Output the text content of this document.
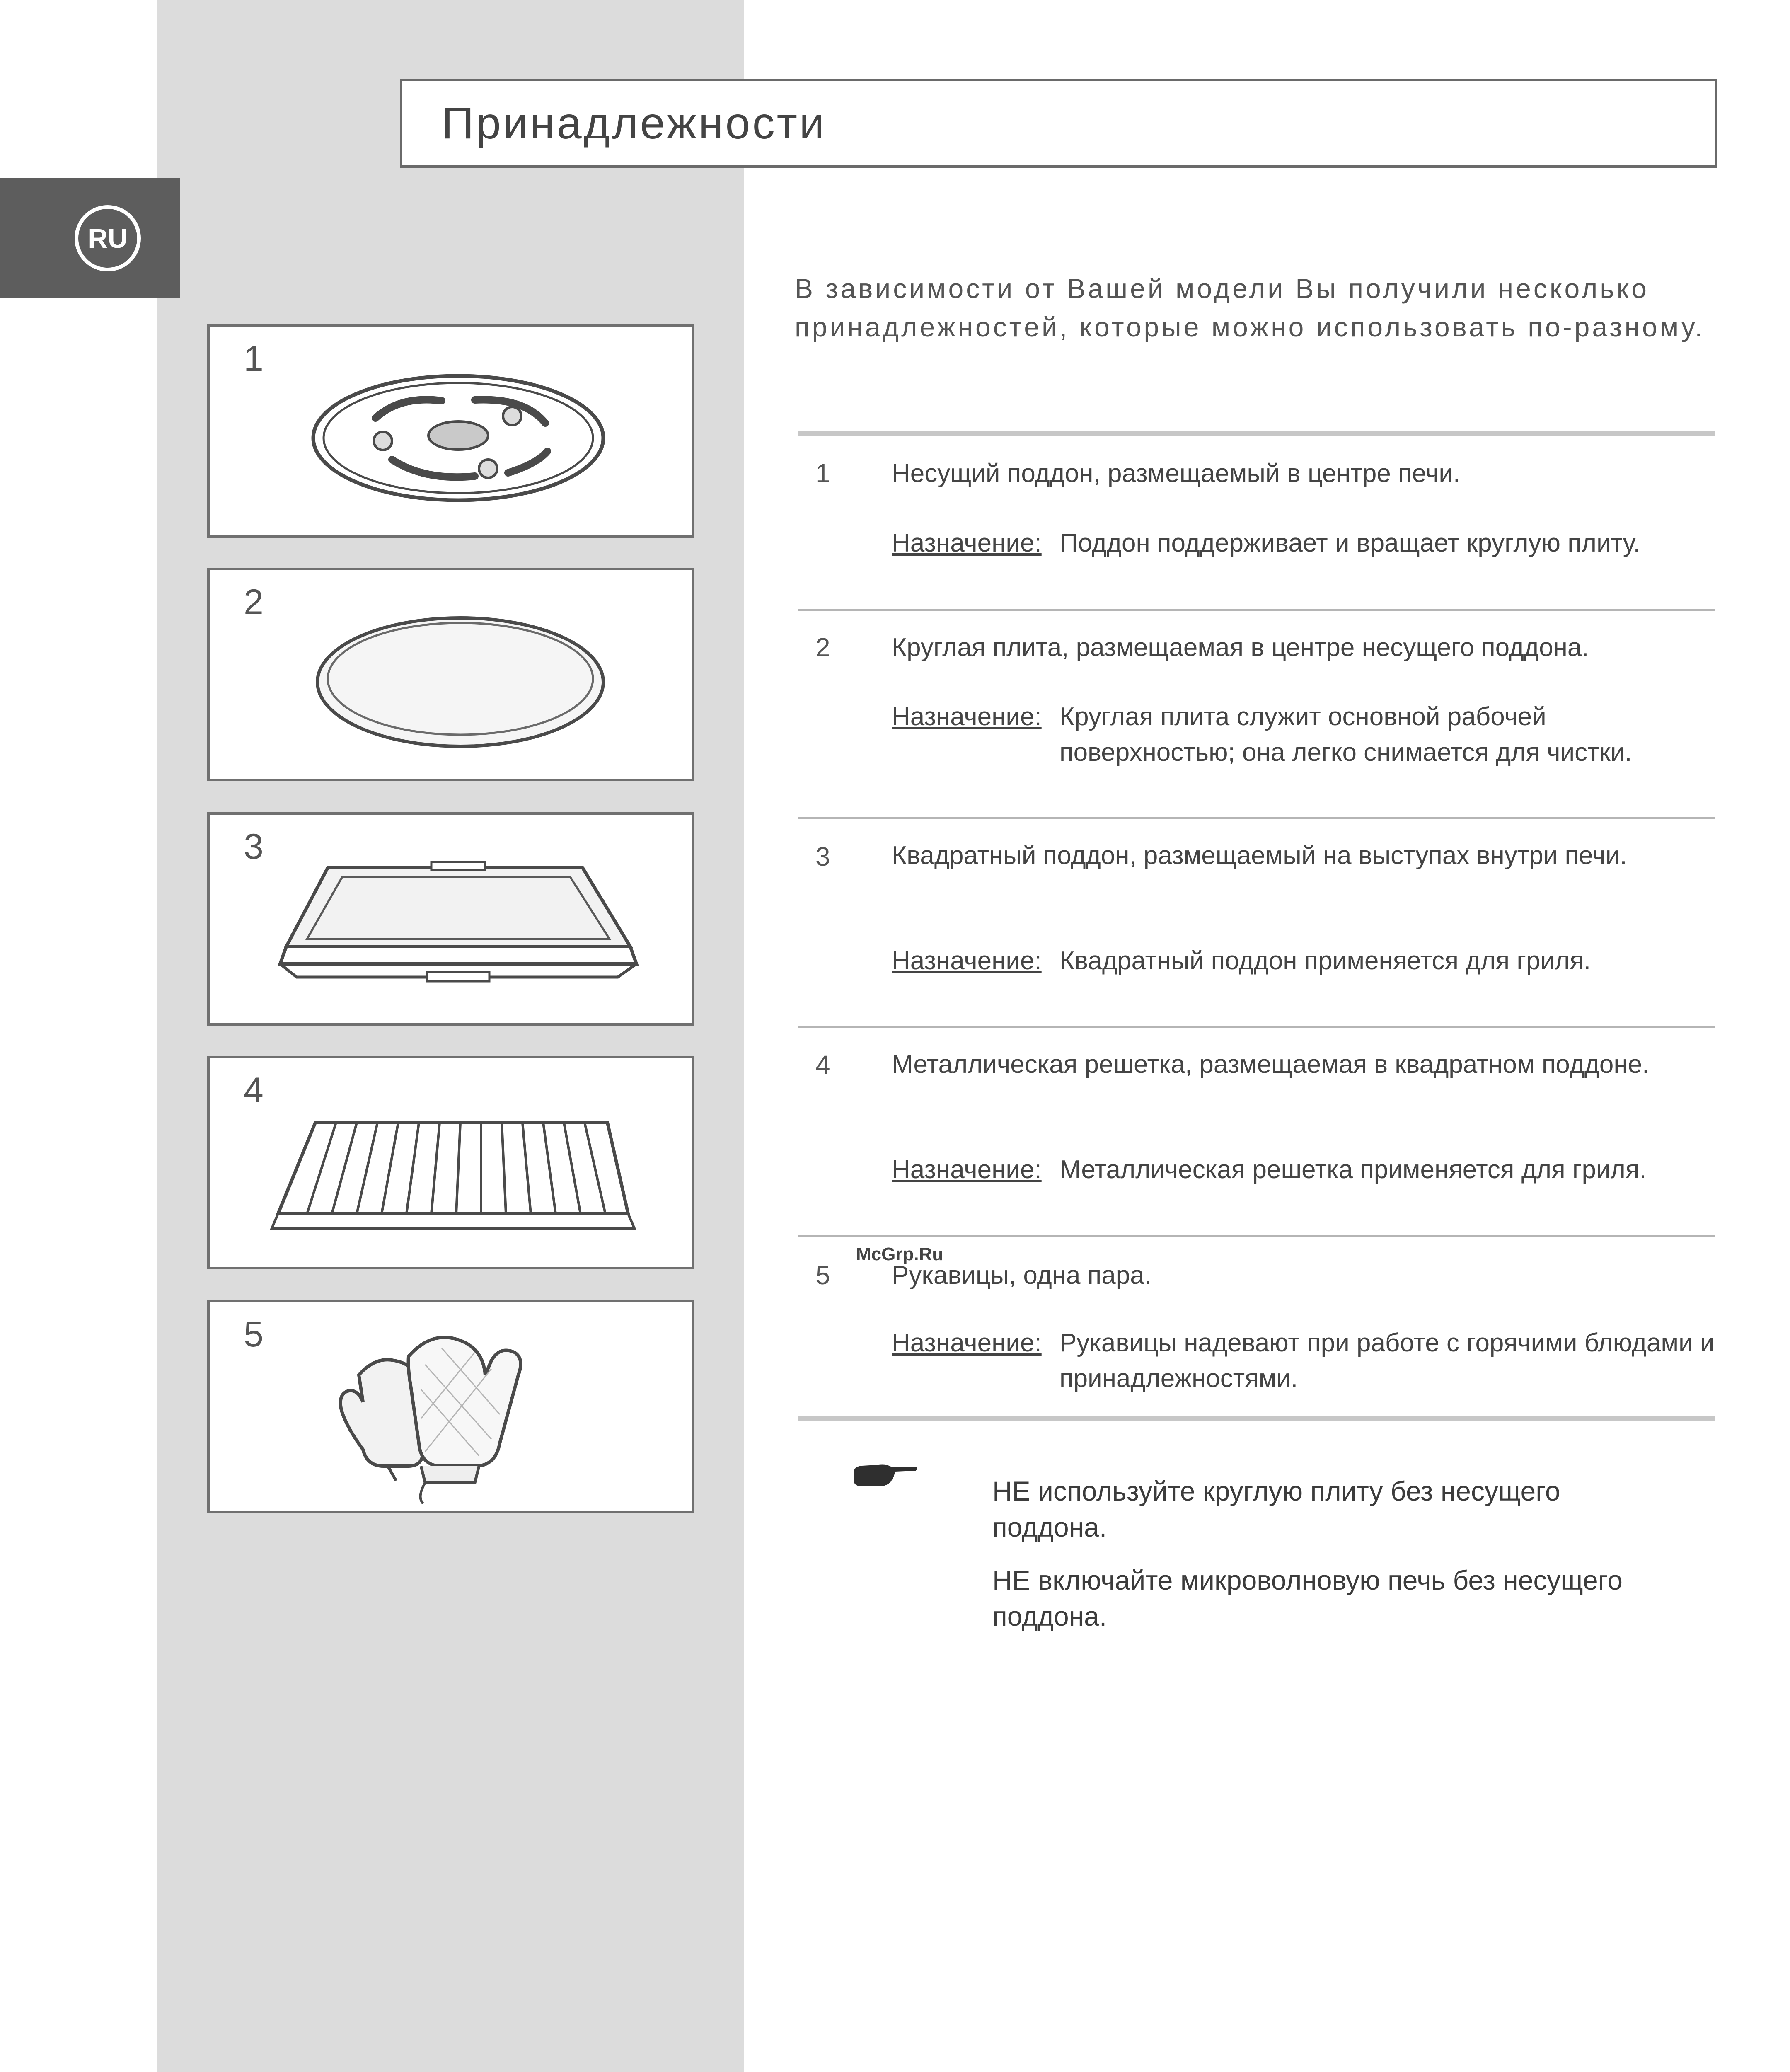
RU
Принадлежности
1
2
3
4
5
В зависимости от Вашей модели Вы получили несколько принадлежностей, которые можно использовать по-разному.
1 Несущий поддон, размещаемый в центре печи.
Назначение: Поддон поддерживает и вращает круглую плиту.
2 Круглая плита, размещаемая в центре несущего поддона.
Назначение: Круглая плита служит основной рабочей поверхностью; она легко снимается для чистки.
3 Квадратный поддон, размещаемый на выступах внутри печи.
Назначение: Квадратный поддон применяется для гриля.
4 Металлическая решетка, размещаемая в квадратном поддоне.
Назначение: Металлическая решетка применяется для гриля.
McGrp.Ru
5 Рукавицы, одна пара.
Назначение: Рукавицы надевают при работе с горячими блюдами и принадлежностями.
НЕ используйте круглую плиту без несущего поддона.
НЕ включайте микроволновую печь без несущего поддона.
